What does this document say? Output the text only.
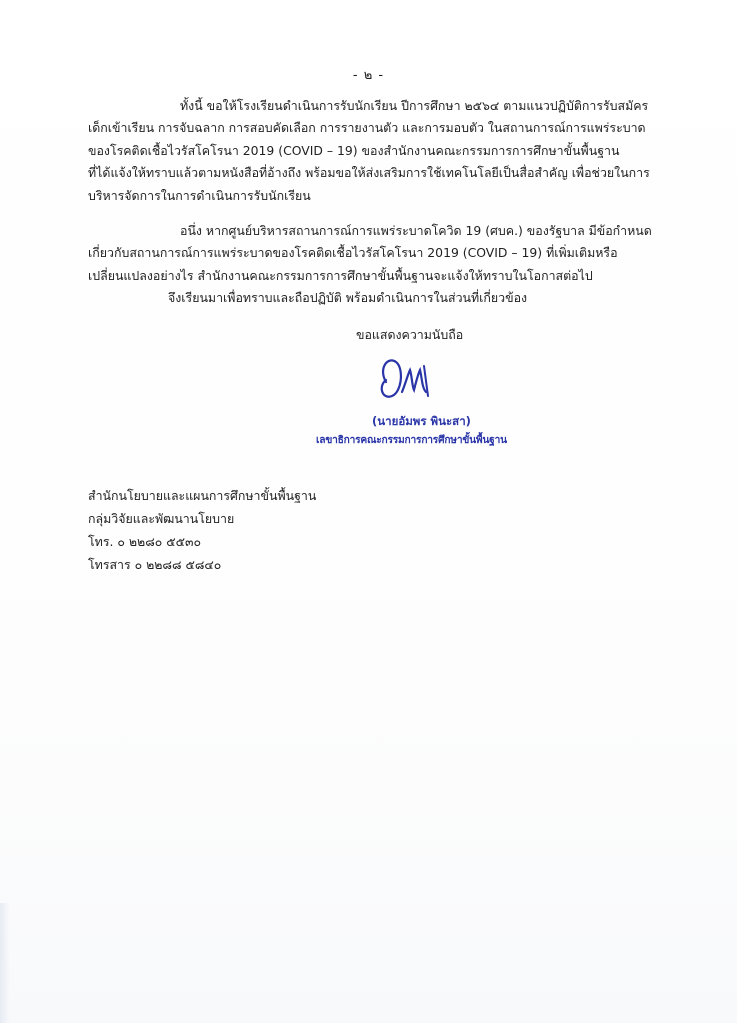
- ๒ -

ทั้งนี้ ขอให้โรงเรียนดำเนินการรับนักเรียน ปีการศึกษา ๒๕๖๔ ตามแนวปฏิบัติการรับสมัคร
เด็กเข้าเรียน การจับฉลาก การสอบคัดเลือก การรายงานตัว และการมอบตัว ในสถานการณ์การแพร่ระบาด
ของโรคติดเชื้อไวรัสโคโรนา 2019 (COVID – 19) ของสำนักงานคณะกรรมการการศึกษาขั้นพื้นฐาน
ที่ได้แจ้งให้ทราบแล้วตามหนังสือที่อ้างถึง พร้อมขอให้ส่งเสริมการใช้เทคโนโลยีเป็นสื่อสำคัญ เพื่อช่วยในการ
บริหารจัดการในการดำเนินการรับนักเรียน

อนึ่ง หากศูนย์บริหารสถานการณ์การแพร่ระบาดโควิด 19 (ศบค.) ของรัฐบาล มีข้อกำหนด
เกี่ยวกับสถานการณ์การแพร่ระบาดของโรคติดเชื้อไวรัสโคโรนา 2019 (COVID – 19) ที่เพิ่มเติมหรือ
เปลี่ยนแปลงอย่างไร สำนักงานคณะกรรมการการศึกษาขั้นพื้นฐานจะแจ้งให้ทราบในโอกาสต่อไป

จึงเรียนมาเพื่อทราบและถือปฏิบัติ พร้อมดำเนินการในส่วนที่เกี่ยวข้อง

ขอแสดงความนับถือ
(นายอัมพร พินะสา)
เลขาธิการคณะกรรมการการศึกษาขั้นพื้นฐาน
สำนักนโยบายและแผนการศึกษาขั้นพื้นฐาน
กลุ่มวิจัยและพัฒนานโยบาย
โทร. ๐ ๒๒๘๐ ๕๕๓๐
โทรสาร ๐ ๒๒๘๘ ๕๘๔๐
